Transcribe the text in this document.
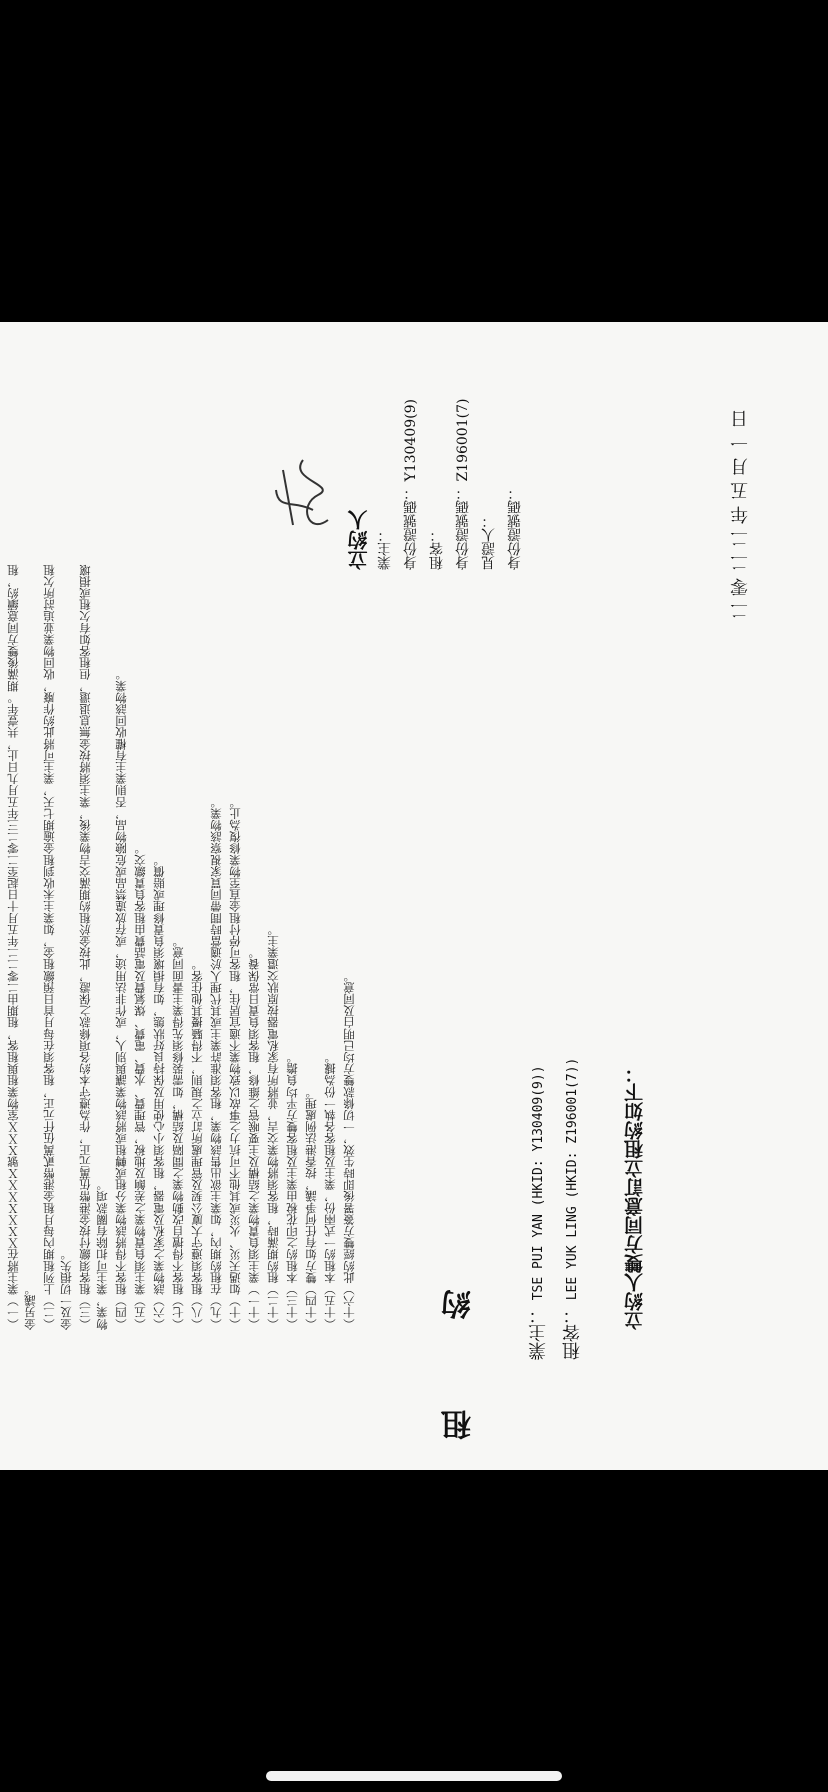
租 約	業主： TSE PUI YAN (HKID: Y130409(9))
租客： LEE YUK LING (HKID: Z196001(7))	立約人雙方同意訂立租約如下：
（一）業主將在ＸＸＸＸＸＸＸ號ＸＸＸ室物業租與租客，租期由二零二二年五月十日起至二零二三年五月九日止，共壹年。期滿後雙方同意續約，租金另議。 （二）上列租期內每月租金港幣貳萬伍仟元正，租客須在每月首日預繳租金，如業主未收到租金逾期七天，業主可將此約作廢，收回物業並追討所欠租金及一切損失。 （三）租客須繳付按金港幣伍萬元正，作為遵守本約各項條款之保證，此按金於租約期滿交吉物業後，業主須將按金無息退還，但租客如有欠租或損壞物業，業主可扣除有關款項。 （四）租客不得將該物業分租或轉租或將該物業讓與別人，或作非法用途，或存放違禁品或危險物品，否則業主有權收回該物業。 （五）業主須負責物業之差餉及地稅，管理費、水費、電費、煤氣費及電話費由租客負責繳交。 （六）該物業之家私及電器，租客須小心使用及保持良好狀態，如有損壞須負責修理或賠償。 （七）租客不得擅自改動物業之間隔及結構，如需裝修須先得業主書面同意。 （八）租客須遵守大廈公契及管理處所訂立之規則，不得騷擾其他住客。 （九）在租約期內，如業主欲出售該物業，租客須准許業主或其代理人於適當時間帶同買家視察該物業。 （十）如遇天災、火災或其他不可抗力之事故以致物業不適宜居住，租客可停付租金直至物業修復為止。 （十一）業主須負責物業之結構及主要喉管之維修，租客須負責日常保養。 （十二）租約期滿時，租客須將物業交吉，並將所有家私電器按原狀交還業主。 （十三）本租約之印花稅由業主及租客雙方平均負擔。 （十四）雙方如有任何爭議，按香港法例處理。 （十五）本租約一式兩份，業主及租客各執一份為據。 （十六）此約經雙方簽署後即時生效，一切條款雙方均已明白及同意。
立約人 業主： 身份證號碼： Y130409(9)
租客： 身份證號碼： Z196001(7)
見證人： 身份證號碼：	二零二二年五月一日
